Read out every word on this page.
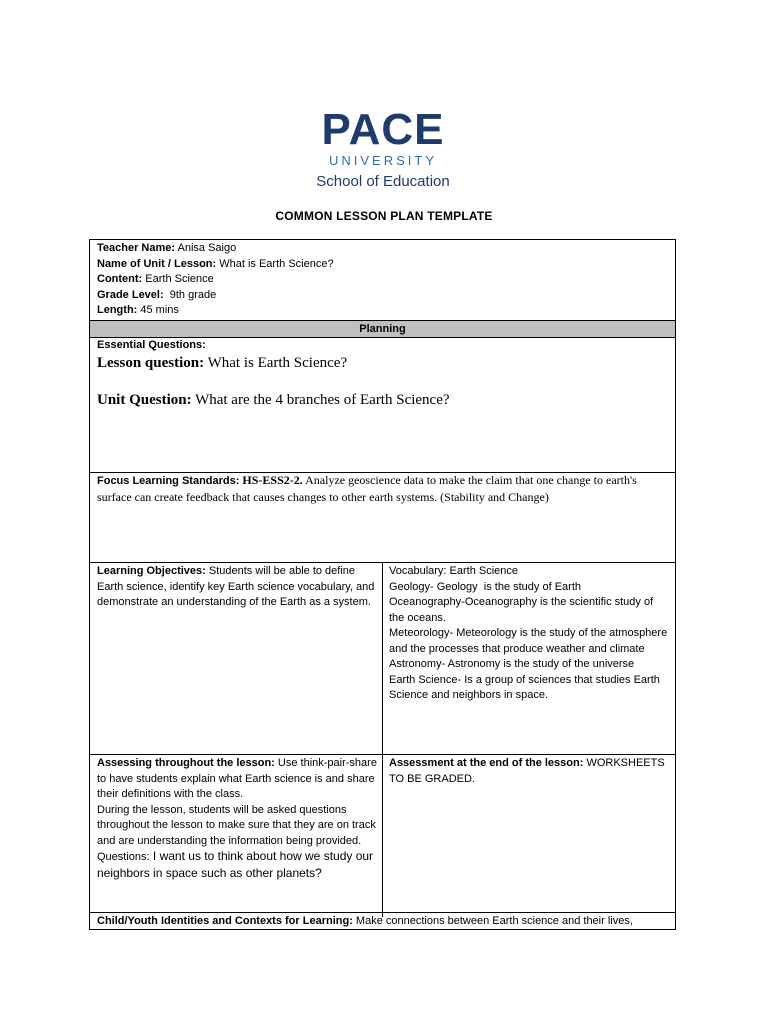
PACE
UNIVERSITY
School of Education
COMMON LESSON PLAN TEMPLATE

Teacher Name: Anisa Saigo

Name of Unit / Lesson: What is Earth Science?

Content: Earth Science

Grade Level:  9th grade

Length: 45 mins

Planning

Essential Questions:

Lesson question: What is Earth Science?

Unit Question: What are the 4 branches of Earth Science?

Focus Learning Standards: HS-ESS2-2. Analyze geoscience data to make the claim that one change to earth's surface can create feedback that causes changes to other earth systems. (Stability and Change)

Learning Objectives: Students will be able to define Earth science, identify key Earth science vocabulary, and demonstrate an understanding of the Earth as a system.

Vocabulary: Earth Science

Geology- Geology  is the study of Earth

Oceanography-Oceanography is the scientific study of the oceans.

Meteorology- Meteorology is the study of the atmosphere and the processes that produce weather and climate

Astronomy- Astronomy is the study of the universe

Earth Science- Is a group of sciences that studies Earth Science and neighbors in space.

Assessing throughout the lesson: Use think-pair-share to have students explain what Earth science is and share their definitions with the class.

During the lesson, students will be asked questions throughout the lesson to make sure that they are on track and are understanding the information being provided.

Questions: I want us to think about how we study our neighbors in space such as other planets?

Assessment at the end of the lesson: WORKSHEETS TO BE GRADED.

Child/Youth Identities and Contexts for Learning: Make connections between Earth science and their lives,
